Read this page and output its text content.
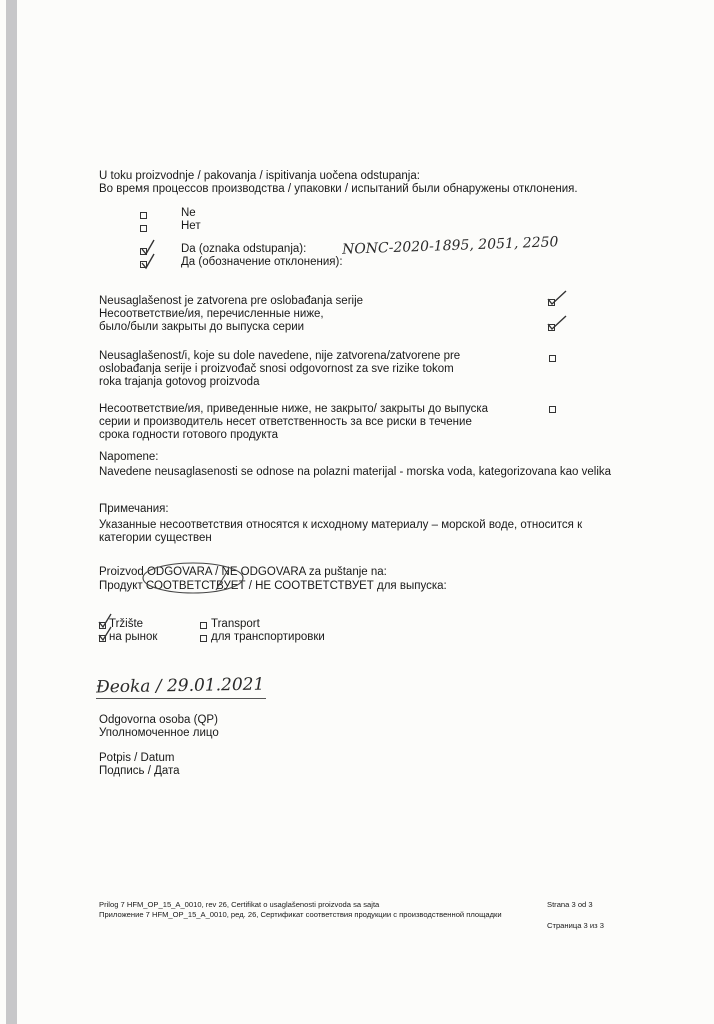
U toku proizvodnje / pakovanja / ispitivanja uočena odstupanja:
Во время процессов производства / упаковки / испытаний были обнаружены отклонения.
Ne
Нет
Da (oznaka odstupanja):
Да (обозначение отклонения):
NONC-2020-1895, 2051, 2250
Neusaglašenost je zatvorena pre oslobađanja serije
Несоответствие/ия, перечисленные ниже,
было/были закрыты до выпуска серии
Neusaglašenost/i, koje su dole navedene, nije zatvorena/zatvorene pre
oslobađanja serije i proizvođač snosi odgovornost za sve rizike tokom
roka trajanja gotovog proizvoda
Несоответствие/ия, приведенные ниже, не закрыто/ закрыты до выпуска
серии и производитель несет ответственность за все риски в течение
срока годности готового продукта
Napomene:
Navedene neusaglasenosti se odnose na polazni materijal - morska voda, kategorizovana kao velika
Примечания:
Указанные несоответствия относятся к исходному материалу – морской воде, относится к
категории существен
Proizvod ODGOVARA / NE ODGOVARA za puštanje na:
Продукт СООТВЕТСТВУЕТ / НЕ СООТВЕТСТВУЕТ для выпуска:
Tržište
на рынок
Transport
для транспортировки
Đeoka / 29.01.2021
Odgovorna osoba (QP)
Уполномоченное лицо
Potpis / Datum
Подпись / Дата
Prilog 7 HFM_OP_15_A_0010, rev 26, Certifikat o usaglašenosti proizvoda sa sajta	Strana 3 od 3
Приложение 7 HFM_OP_15_A_0010, ред. 26, Сертификат соответствия продукции с производственной площадки
Страница 3 из 3
